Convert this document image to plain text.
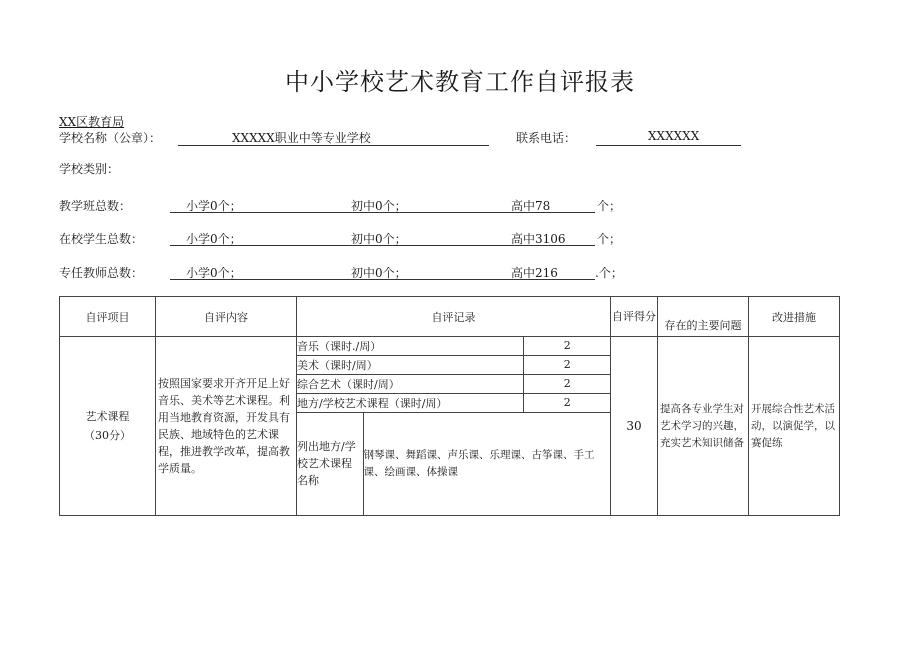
中小学校艺术教育工作自评报表
XX区教育局
学校名称（公章）：	XXXXX职业中等专业学校	联系电话：	XXXXXX
学校类别：
教学班总数：	小学0个；	初中0个；	高中78	个；
在校学生总数：	小学0个；	初中0个；	高中3106	个；
专任教师总数：	小学0个；	初中0个；	高中216	.个；
自评项目	自评内容	自评记录	自评得分	存在的主要问题	改进措施

艺术课程
（30分）
	按照国家要求开齐开足上好音乐、美术等艺术课程。利用当地教育资源，开发具有民族、地域特色的艺术课程，推进教学改革，提高教学质量。	
音乐（课时./周）	2
美术（课时/周）	2
综合艺术（课时/周）	2
地方/学校艺术课程（课时/周）	2
列出地方/学校艺术课程名称	钢琴课、舞蹈课、声乐课、乐理课、古筝课、手工课、绘画课、体操课
	30	提高各专业学生对艺术学习的兴趣，充实艺术知识储备	开展综合性艺术活动，以演促学，以赛促练
